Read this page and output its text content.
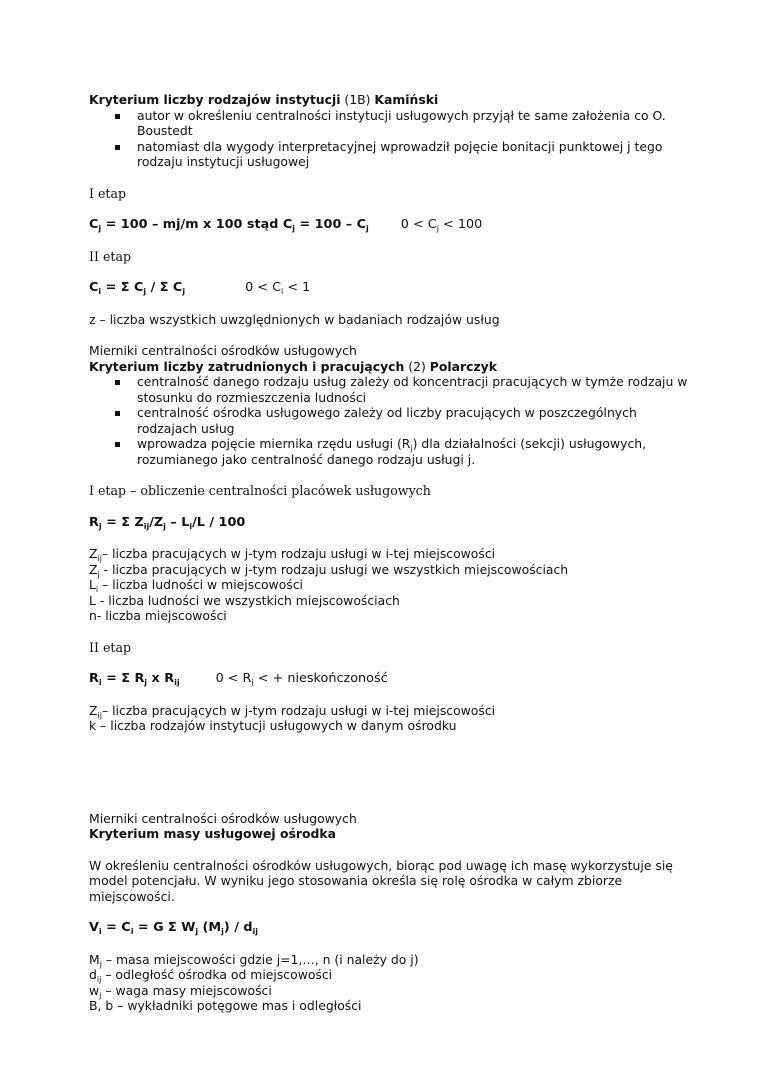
Kryterium liczby rodzajów instytucji (1B) Kamiński

autor w określeniu centralności instytucji usługowych przyjął te same założenia co O. Boustedt
natomiast dla wygody interpretacyjnej wprowadził pojęcie bonitacji punktowej j tego rodzaju instytucji usługowej

I etap

$C_j = 100 - mj/m$ x 100 stąd $C_j = 100 - C_j$	$0 < C_j < 100$

II etap

$C_i = \Sigma$ $C_j$ / Σ $C_j$	$0 < C_i < 1$

z – liczba wszystkich uwzględnionych w badaniach rodzajów usług

Mierniki centralności ośrodków usługowych

Kryterium liczby zatrudnionych i pracujących (2) Polarczyk

centralność danego rodzaju usług zależy od koncentracji pracujących w tymże rodzaju w stosunku do rozmieszczenia ludności
centralność ośrodka usługowego zależy od liczby pracujących w poszczególnych rodzajach usług
wprowadza pojęcie miernika rzędu usługi $(R_j)$ dla działalności (sekcji) usługowych, rozumianego jako centralność danego rodzaju usługi j.

I etap – obliczenie centralności placówek usługowych

$R_j = \Sigma$ $Z_{ij}/Z_j - L_i/L / 100$

$Z_{ij}-$ liczba pracujących w j-tym rodzaju usługi w i-tej miejscowości

$Z_j$ - liczba pracujących w j-tym rodzaju usługi we wszystkich miejscowościach

$L_i$ – liczba ludności w miejscowości

L - liczba ludności we wszystkich miejscowościach

n- liczba miejscowości

II etap

$R_i = \Sigma$ $R_j$ x $R_{ij}$	$0 < R_j$ < + nieskończoność

$Z_{ij}-$ liczba pracujących w j-tym rodzaju usługi w i-tej miejscowości

k – liczba rodzajów instytucji usługowych w danym ośrodku

Mierniki centralności ośrodków usługowych

Kryterium masy usługowej ośrodka

W określeniu centralności ośrodków usługowych, biorąc pod uwagę ich masę wykorzystuje się model potencjału. W wyniku jego stosowania określa się rolę ośrodka w całym zbiorze miejscowości.

$V_i = C_i = G$ Σ $W_j$ $(M_j) / d_{ij}$

$M_j$ – masa miejscowości gdzie j=1,…, n (i należy do j)

$d_{ij}$ – odległość ośrodka od miejscowości

$w_j$ – waga masy miejscowości

B, b – wykładniki potęgowe mas i odległości
